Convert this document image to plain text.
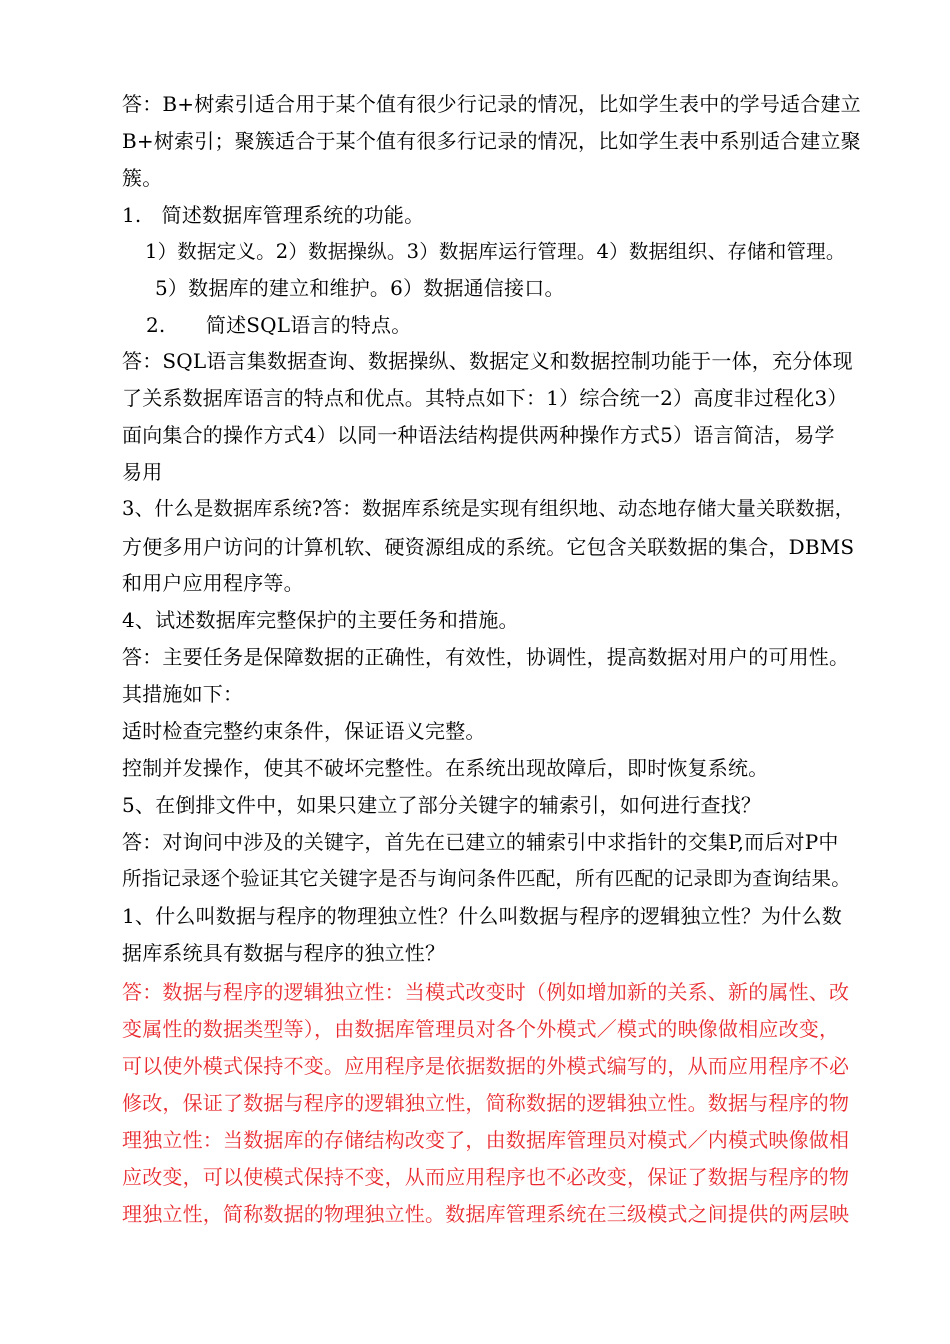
答：B+树索引适合用于某个值有很少行记录的情况，比如学生表中的学号适合建立
B+树索引；聚簇适合于某个值有很多行记录的情况，比如学生表中系别适合建立聚
簇。
1.　简述数据库管理系统的功能。
1）数据定义。2）数据操纵。3）数据库运行管理。4）数据组织、存储和管理。
5）数据库的建立和维护。6）数据通信接口。
2.　　简述SQL语言的特点。
答：SQL语言集数据查询、数据操纵、数据定义和数据控制功能于一体，充分体现
了关系数据库语言的特点和优点。其特点如下：1）综合统一2）高度非过程化3）
面向集合的操作方式4）以同一种语法结构提供两种操作方式5）语言简洁，易学
易用
3、什么是数据库系统?答：数据库系统是实现有组织地、动态地存储大量关联数据，
方便多用户访问的计算机软、硬资源组成的系统。它包含关联数据的集合，DBMS
和用户应用程序等。
4、试述数据库完整保护的主要任务和措施。
答：主要任务是保障数据的正确性，有效性，协调性，提高数据对用户的可用性。
其措施如下：
适时检查完整约束条件，保证语义完整。
控制并发操作，使其不破坏完整性。在系统出现故障后，即时恢复系统。
5、在倒排文件中，如果只建立了部分关键字的辅索引，如何进行查找？
答：对询问中涉及的关键字，首先在已建立的辅索引中求指针的交集P,而后对P中
所指记录逐个验证其它关键字是否与询问条件匹配，所有匹配的记录即为查询结果。
1、什么叫数据与程序的物理独立性？什么叫数据与程序的逻辑独立性？为什么数
据库系统具有数据与程序的独立性？
答：数据与程序的逻辑独立性：当模式改变时（例如增加新的关系、新的属性、改
变属性的数据类型等），由数据库管理员对各个外模式／模式的映像做相应改变，
可以使外模式保持不变。应用程序是依据数据的外模式编写的，从而应用程序不必
修改，保证了数据与程序的逻辑独立性，简称数据的逻辑独立性。数据与程序的物
理独立性：当数据库的存储结构改变了，由数据库管理员对模式／内模式映像做相
应改变，可以使模式保持不变，从而应用程序也不必改变，保证了数据与程序的物
理独立性，简称数据的物理独立性。数据库管理系统在三级模式之间提供的两层映
